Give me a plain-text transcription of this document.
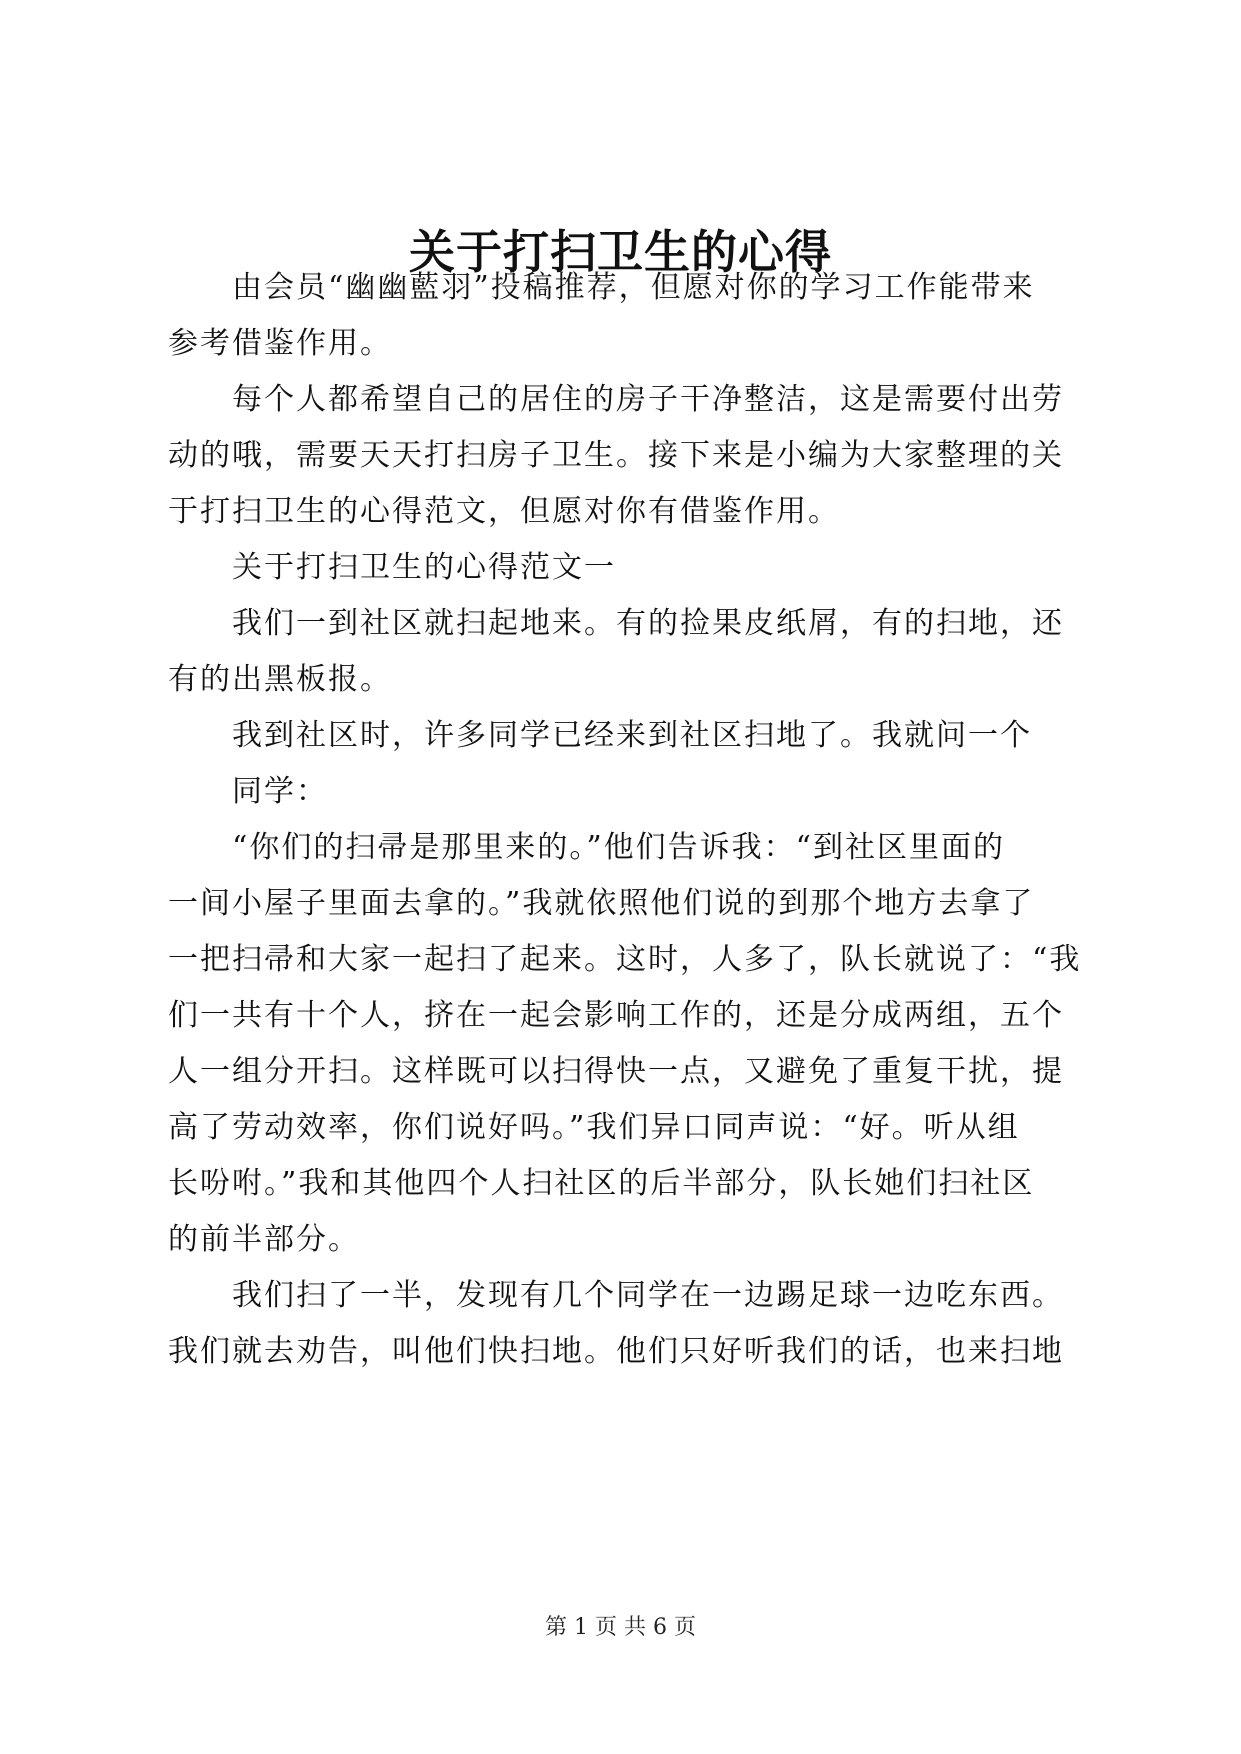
关于打扫卫生的心得
由会员“幽幽藍羽”投稿推荐，但愿对你的学习工作能带来
参考借鉴作用。
每个人都希望自己的居住的房子干净整洁，这是需要付出劳
动的哦，需要天天打扫房子卫生。接下来是小编为大家整理的关
于打扫卫生的心得范文，但愿对你有借鉴作用。
关于打扫卫生的心得范文一
我们一到社区就扫起地来。有的捡果皮纸屑，有的扫地，还
有的出黑板报。
我到社区时，许多同学已经来到社区扫地了。我就问一个
同学：
“你们的扫帚是那里来的。”他们告诉我：“到社区里面的
一间小屋子里面去拿的。”我就依照他们说的到那个地方去拿了
一把扫帚和大家一起扫了起来。这时，人多了，队长就说了：“我
们一共有十个人，挤在一起会影响工作的，还是分成两组，五个
人一组分开扫。这样既可以扫得快一点，又避免了重复干扰，提
高了劳动效率，你们说好吗。”我们异口同声说：“好。听从组
长吩咐。”我和其他四个人扫社区的后半部分，队长她们扫社区
的前半部分。
我们扫了一半，发现有几个同学在一边踢足球一边吃东西。
我们就去劝告，叫他们快扫地。他们只好听我们的话，也来扫地
第 1 页 共 6 页
